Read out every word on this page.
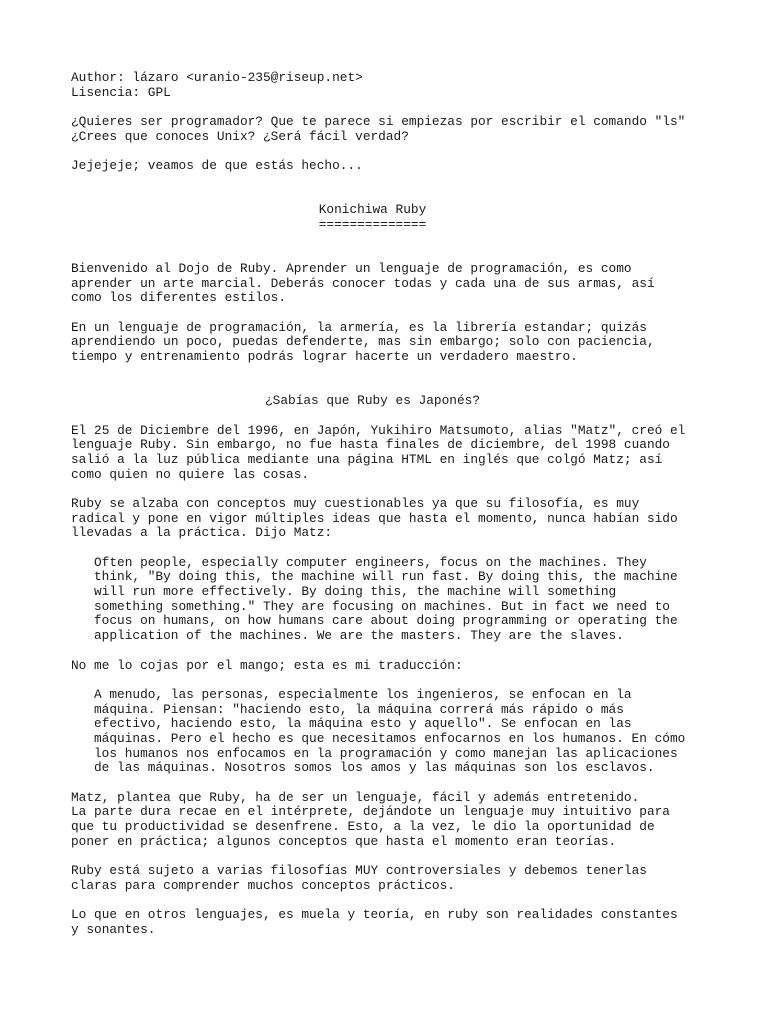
Author: lázaro <uranio-235@riseup.net>
Lisencia: GPL
¿Quieres ser programador? Que te parece si empiezas por escribir el comando "ls"
¿Crees que conoces Unix? ¿Será fácil verdad?
Jejejeje; veamos de que estás hecho...
Konichiwa Ruby
==============
Bienvenido al Dojo de Ruby. Aprender un lenguaje de programación, es como
aprender un arte marcial. Deberás conocer todas y cada una de sus armas, así
como los diferentes estilos.
En un lenguaje de programación, la armería, es la librería estandar; quizás
aprendiendo un poco, puedas defenderte, mas sin embargo; solo con paciencia,
tiempo y entrenamiento podrás lograr hacerte un verdadero maestro.
¿Sabías que Ruby es Japonés?
El 25 de Diciembre del 1996, en Japón, Yukihiro Matsumoto, alias "Matz", creó el
lenguaje Ruby. Sin embargo, no fue hasta finales de diciembre, del 1998 cuando
salió a la luz pública mediante una página HTML en inglés que colgó Matz; así
como quien no quiere las cosas.
Ruby se alzaba con conceptos muy cuestionables ya que su filosofía, es muy
radical y pone en vigor múltiples ideas que hasta el momento, nunca habían sido
llevadas a la práctica. Dijo Matz:
Often people, especially computer engineers, focus on the machines. They
think, "By doing this, the machine will run fast. By doing this, the machine
will run more effectively. By doing this, the machine will something
something something." They are focusing on machines. But in fact we need to
focus on humans, on how humans care about doing programming or operating the
application of the machines. We are the masters. They are the slaves.
No me lo cojas por el mango; esta es mi traducción:
A menudo, las personas, especialmente los ingenieros, se enfocan en la
máquina. Piensan: "haciendo esto, la máquina correrá más rápido o más
efectivo, haciendo esto, la máquina esto y aquello". Se enfocan en las
máquinas. Pero el hecho es que necesitamos enfocarnos en los humanos. En cómo
los humanos nos enfocamos en la programación y como manejan las aplicaciones
de las máquinas. Nosotros somos los amos y las máquinas son los esclavos.
Matz, plantea que Ruby, ha de ser un lenguaje, fácil y además entretenido.
La parte dura recae en el intérprete, dejándote un lenguaje muy intuitivo para
que tu productividad se desenfrene. Esto, a la vez, le dio la oportunidad de
poner en práctica; algunos conceptos que hasta el momento eran teorías.
Ruby está sujeto a varias filosofías MUY controversiales y debemos tenerlas
claras para comprender muchos conceptos prácticos.
Lo que en otros lenguajes, es muela y teoría, en ruby son realidades constantes
y sonantes.
